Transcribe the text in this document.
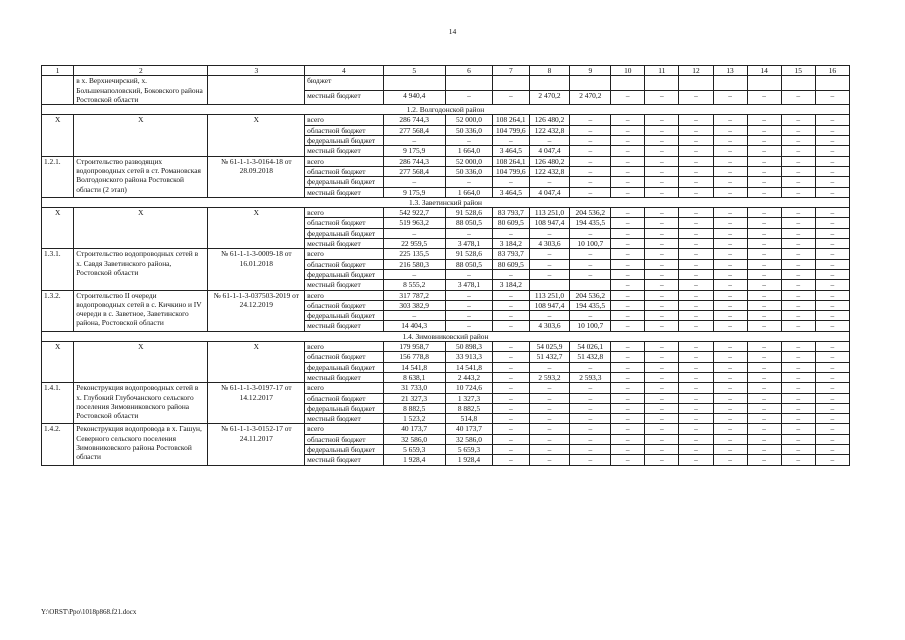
14
1	2	3	4	5	6	7	8	9	10	11	12	13	14	15	16
	в х. Верхнечирский, х. Большенаполовский, Боковского района Ростовской области		бюджет												
			местный бюджет	4 940,4	–	–	2 470,2	2 470,2	–	–	–	–	–	–	–
1.2. Волгодонской район															
X	X	X	всего	286 744,3	52 000,0	108 264,1	126 480,2	–	–	–	–	–	–	–	–
			областной бюджет	277 568,4	50 336,0	104 799,6	122 432,8	–	–	–	–	–	–	–	–
			федеральный бюджет	–	–	–	–	–	–	–	–	–	–	–	–
			местный бюджет	9 175,9	1 664,0	3 464,5	4 047,4	–	–	–	–	–	–	–	–
1.2.1.	Строительство разводящих водопроводных сетей в ст. Романовская Волгодонского района Ростовской области (2 этап)	№ 61-1-1-3-0164-18 от 28.09.2018	всего	286 744,3	52 000,0	108 264,1	126 480,2	–	–	–	–	–	–	–	–
			областной бюджет	277 568,4	50 336,0	104 799,6	122 432,8	–	–	–	–	–	–	–	–
			федеральный бюджет	–	–	–	–	–	–	–	–	–	–	–	–
			местный бюджет	9 175,9	1 664,0	3 464,5	4 047,4	–	–	–	–	–	–	–	–
1.3. Заветинский район															
X	X	X	всего	542 922,7	91 528,6	83 793,7	113 251,0	204 536,2	–	–	–	–	–	–	–
			областной бюджет	519 963,2	88 050,5	80 609,5	108 947,4	194 435,5	–	–	–	–	–	–	–
			федеральный бюджет	–	–	–	–	–	–	–	–	–	–	–	–
			местный бюджет	22 959,5	3 478,1	3 184,2	4 303,6	10 100,7	–	–	–	–	–	–	–
1.3.1.	Строительство водопроводных сетей в х. Савдя Заветинского района, Ростовской области	№ 61-1-1-3-0009-18 от 16.01.2018	всего	225 135,5	91 528,6	83 793,7	–	–	–	–	–	–	–	–	–
			областной бюджет	216 580,3	88 050,5	80 609,5	–	–	–	–	–	–	–	–	–
			федеральный бюджет	–	–	–	–	–	–	–	–	–	–	–	–
			местный бюджет	8 555,2	3 478,1	3 184,2			–	–	–	–	–	–	–
1.3.2.	Строительство II очереди водопроводных сетей в с. Кичкино и IV очереди в с. Заветное, Заветинского района, Ростовской области	№ 61-1-1-3-037503-2019 от 24.12.2019	всего	317 787,2	–	–	113 251,0	204 536,2	–	–	–	–	–	–	–
			областной бюджет	303 382,9	–	–	108 947,4	194 435,5	–	–	–	–	–	–	–
			федеральный бюджет	–	–	–	–	–	–	–	–	–	–	–	–
			местный бюджет	14 404,3	–	–	4 303,6	10 100,7	–	–	–	–	–	–	–
1.4. Зимовниковский район															
X	X	X	всего	179 958,7	50 898,3	–	54 025,9	54 026,1	–	–	–	–	–	–	–
			областной бюджет	156 778,8	33 913,3	–	51 432,7	51 432,8	–	–	–	–	–	–	–
			федеральный бюджет	14 541,8	14 541,8	–	–	–	–	–	–	–	–	–	–
			местный бюджет	8 638,1	2 443,2	–	2 593,2	2 593,3	–	–	–	–	–	–	–
1.4.1.	Реконструкция водопроводных сетей в х. Глубокий Глубочанского сельского поселения Зимовниковского района Ростовской области	№ 61-1-1-3-0197-17 от 14.12.2017	всего	31 733,0	10 724,6	–	–	–	–	–	–	–	–	–	–
			областной бюджет	21 327,3	1 327,3	–	–	–	–	–	–	–	–	–	–
			федеральный бюджет	8 882,5	8 882,5	–	–	–	–	–	–	–	–	–	–
			местный бюджет	1 523,2	514,8	–	–	–	–	–	–	–	–	–	–
1.4.2.	Реконструкция водопровода в х. Гашун, Северного сельского поселения Зимовниковского района Ростовской области	№ 61-1-1-3-0152-17 от 24.11.2017	всего	40 173,7	40 173,7	–	–	–	–	–	–	–	–	–	–
			областной бюджет	32 586,0	32 586,0	–	–	–	–	–	–	–	–	–	–
			федеральный бюджет	5 659,3	5 659,3	–	–	–	–	–	–	–	–	–	–
			местный бюджет	1 928,4	1 928,4	–	–	–	–	–	–	–	–	–	–
Y:\ORST\Ppo\1018p868.f21.docx
